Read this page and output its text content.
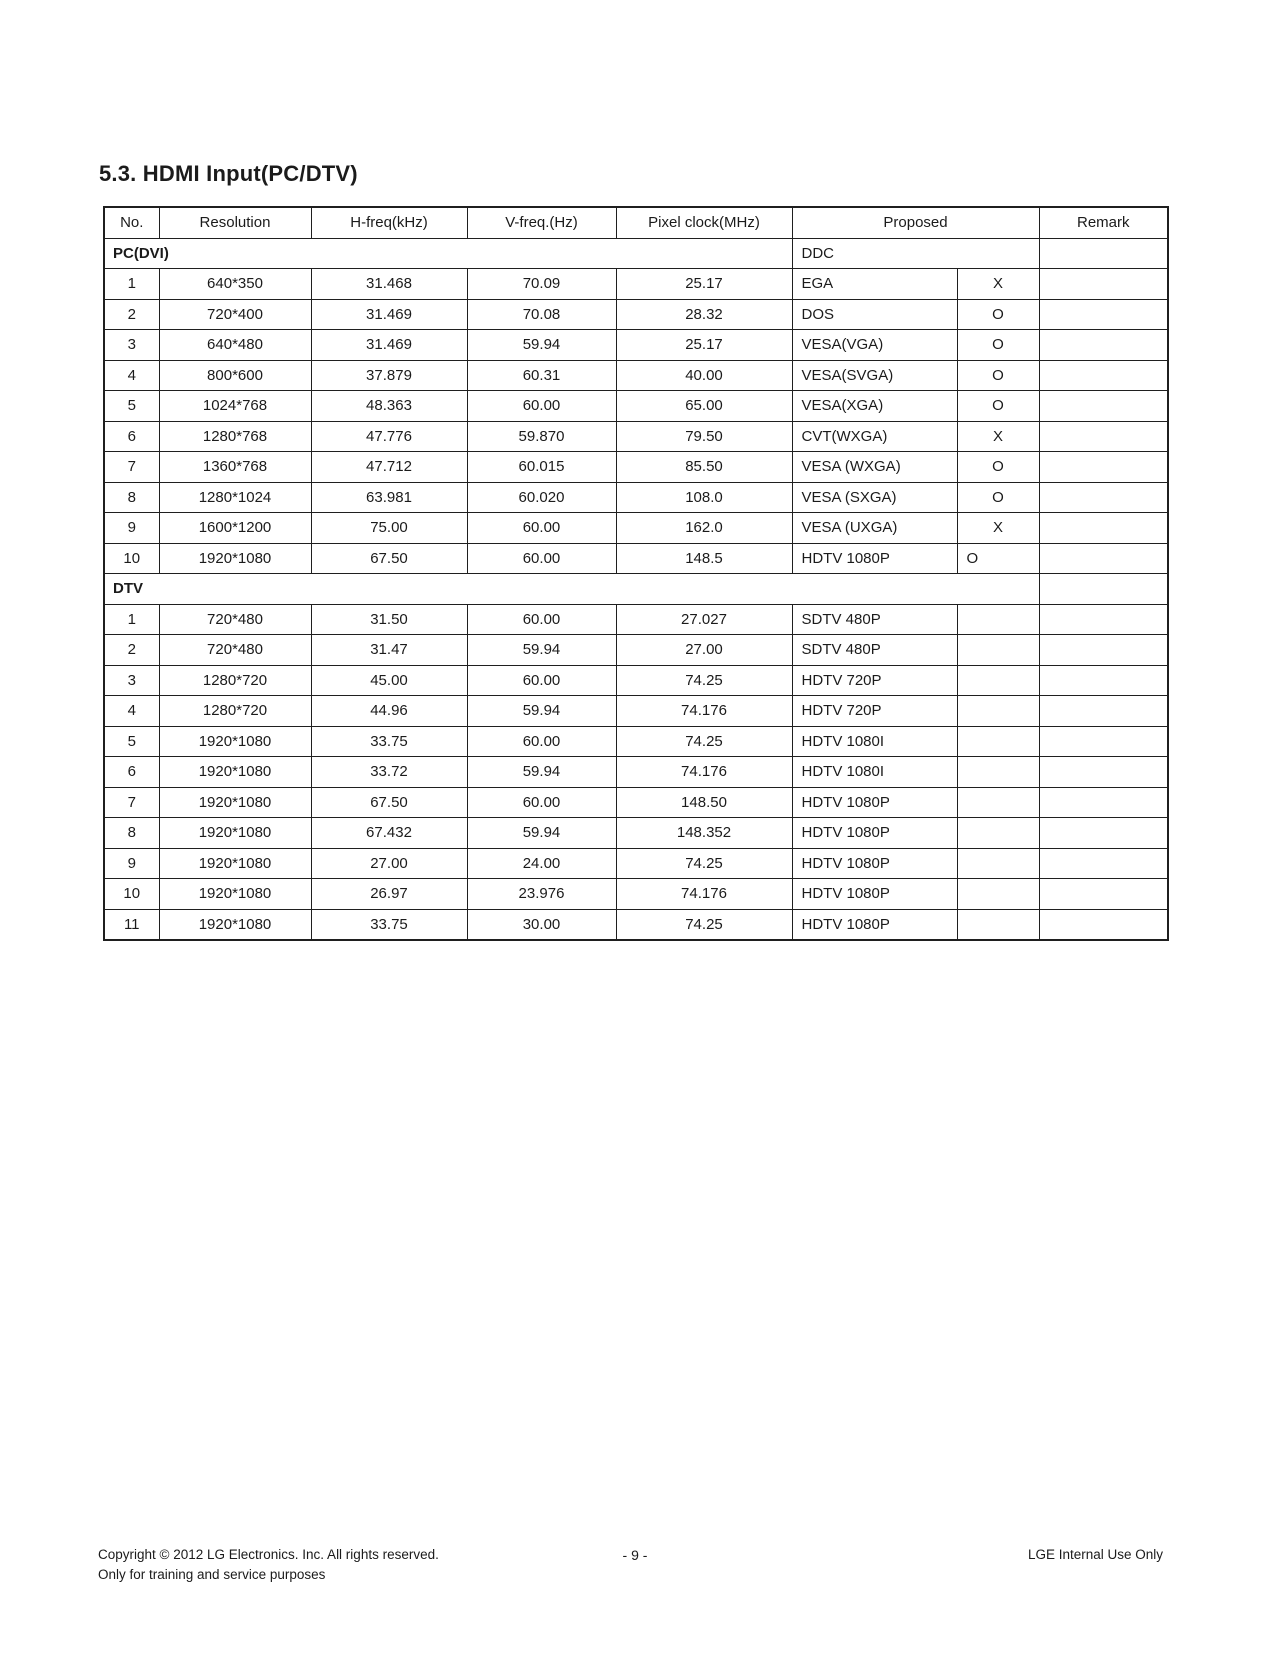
5.3. HDMI Input(PC/DTV)
No.	Resolution	H-freq(kHz)	V-freq.(Hz)	Pixel clock(MHz)	Proposed		Remark
PC(DVI)					DDC		
1	640*350	31.468	70.09	25.17	EGA	X	
2	720*400	31.469	70.08	28.32	DOS	O	
3	640*480	31.469	59.94	25.17	VESA(VGA)	O	
4	800*600	37.879	60.31	40.00	VESA(SVGA)	O	
5	1024*768	48.363	60.00	65.00	VESA(XGA)	O	
6	1280*768	47.776	59.870	79.50	CVT(WXGA)	X	
7	1360*768	47.712	60.015	85.50	VESA (WXGA)	O	
8	1280*1024	63.981	60.020	108.0	VESA (SXGA)	O	
9	1600*1200	75.00	60.00	162.0	VESA (UXGA)	X	
10	1920*1080	67.50	60.00	148.5	HDTV 1080P	O	
DTV							
1	720*480	31.50	60.00	27.027	SDTV 480P		
2	720*480	31.47	59.94	27.00	SDTV 480P		
3	1280*720	45.00	60.00	74.25	HDTV 720P		
4	1280*720	44.96	59.94	74.176	HDTV 720P		
5	1920*1080	33.75	60.00	74.25	HDTV 1080I		
6	1920*1080	33.72	59.94	74.176	HDTV 1080I		
7	1920*1080	67.50	60.00	148.50	HDTV 1080P		
8	1920*1080	67.432	59.94	148.352	HDTV 1080P		
9	1920*1080	27.00	24.00	74.25	HDTV 1080P		
10	1920*1080	26.97	23.976	74.176	HDTV 1080P		
11	1920*1080	33.75	30.00	74.25	HDTV 1080P		
Copyright © 2012 LG Electronics. Inc. All rights reserved.
Only for training and service purposes
- 9 -	LGE Internal Use Only
